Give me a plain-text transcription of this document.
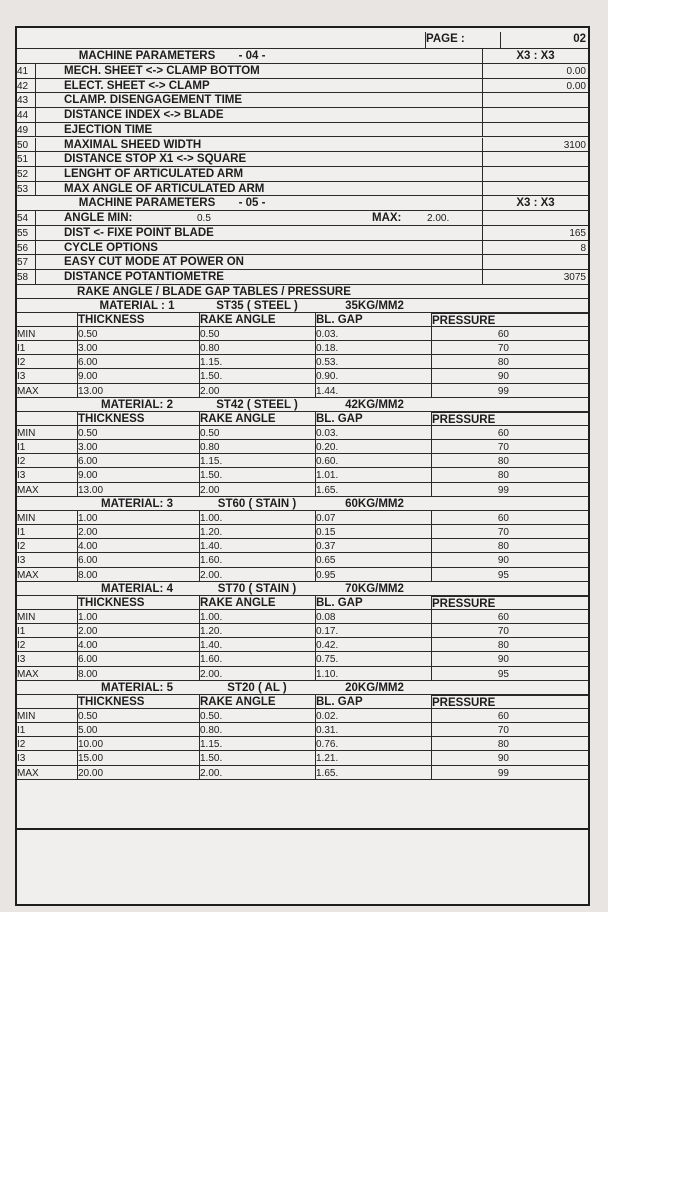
PAGE :	02
MACHINE PARAMETERS	- 04 -	X3 : X3
41	MECH. SHEET <-> CLAMP BOTTOM	0.00
42	ELECT. SHEET <-> CLAMP	0.00
43	CLAMP. DISENGAGEMENT TIME
44	DISTANCE INDEX <-> BLADE
49	EJECTION TIME
50	MAXIMAL SHEED WIDTH	3100
51	DISTANCE STOP X1 <-> SQUARE
52	LENGHT OF ARTICULATED ARM
53	MAX ANGLE OF ARTICULATED ARM
MACHINE PARAMETERS	- 05 -	X3 : X3
54	ANGLE MIN:	0.5	MAX:	2.00.
55	DIST <- FIXE POINT BLADE	165
56	CYCLE OPTIONS	8
57	EASY CUT MODE AT POWER ON
58	DISTANCE POTANTIOMETRE	3075
RAKE ANGLE / BLADE GAP TABLES / PRESSURE
MATERIAL : 1	ST35 ( STEEL )	35KG/MM2
THICKNESS	RAKE ANGLE	BL. GAP	PRESSURE
MIN	0.50	0.50	0.03.	60
I1	3.00	0.80	0.18.	70
I2	6.00	1.15.	0.53.	80
I3	9.00	1.50.	0.90.	90
MAX	13.00	2.00	1.44.	99
MATERIAL: 2	ST42 ( STEEL )	42KG/MM2
THICKNESS	RAKE ANGLE	BL. GAP	PRESSURE
MIN	0.50	0.50	0.03.	60
I1	3.00	0.80	0.20.	70
I2	6.00	1.15.	0.60.	80
I3	9.00	1.50.	1.01.	80
MAX	13.00	2.00	1.65.	99
MATERIAL: 3	ST60 ( STAIN )	60KG/MM2
MIN	1.00	1.00.	0.07	60
I1	2.00	1.20.	0.15	70
I2	4.00	1.40.	0.37	80
I3	6.00	1.60.	0.65	90
MAX	8.00	2.00.	0.95	95
MATERIAL: 4	ST70 ( STAIN )	70KG/MM2
THICKNESS	RAKE ANGLE	BL. GAP	PRESSURE
MIN	1.00	1.00.	0.08	60
I1	2.00	1.20.	0.17.	70
I2	4.00	1.40.	0.42.	80
I3	6.00	1.60.	0.75.	90
MAX	8.00	2.00.	1.10.	95
MATERIAL: 5	ST20 ( AL )	20KG/MM2
THICKNESS	RAKE ANGLE	BL. GAP	PRESSURE
MIN	0.50	0.50.	0.02.	60
I1	5.00	0.80.	0.31.	70
I2	10.00	1.15.	0.76.	80
I3	15.00	1.50.	1.21.	90
MAX	20.00	2.00.	1.65.	99
